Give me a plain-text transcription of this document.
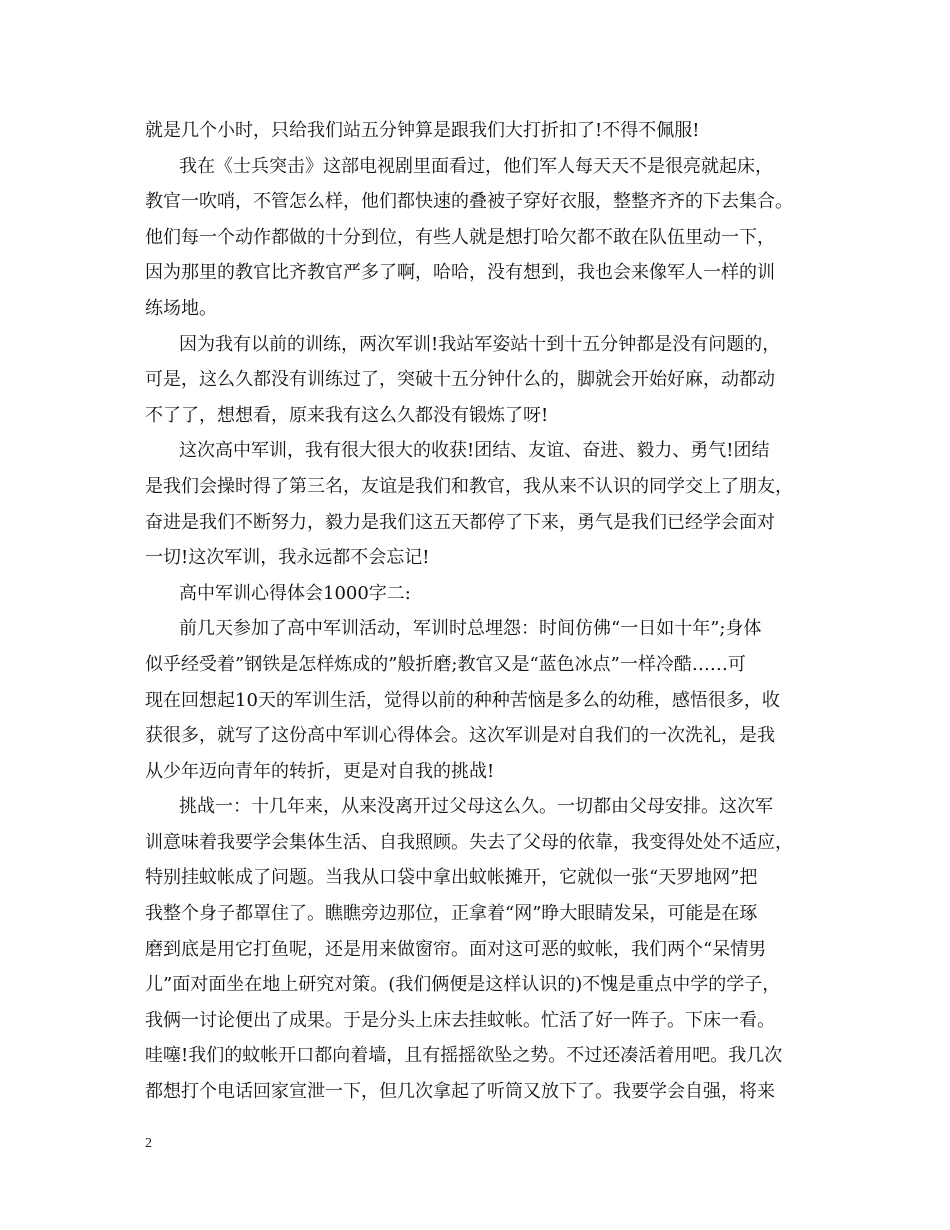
就是几个小时，只给我们站五分钟算是跟我们大打折扣了!不得不佩服!
我在《士兵突击》这部电视剧里面看过，他们军人每天天不是很亮就起床，
教官一吹哨，不管怎么样，他们都快速的叠被子穿好衣服，整整齐齐的下去集合。
他们每一个动作都做的十分到位，有些人就是想打哈欠都不敢在队伍里动一下，
因为那里的教官比齐教官严多了啊，哈哈，没有想到，我也会来像军人一样的训
练场地。
因为我有以前的训练，两次军训!我站军姿站十到十五分钟都是没有问题的，
可是，这么久都没有训练过了，突破十五分钟什么的，脚就会开始好麻，动都动
不了了，想想看，原来我有这么久都没有锻炼了呀!
这次高中军训，我有很大很大的收获!团结、友谊、奋进、毅力、勇气!团结
是我们会操时得了第三名，友谊是我们和教官，我从来不认识的同学交上了朋友，
奋进是我们不断努力，毅力是我们这五天都停了下来，勇气是我们已经学会面对
一切!这次军训，我永远都不会忘记!
高中军训心得体会1000字二:
前几天参加了高中军训活动，军训时总埋怨：时间仿佛“一日如十年”;身体
似乎经受着”钢铁是怎样炼成的”般折磨;教官又是“蓝色冰点”一样冷酷……可
现在回想起10天的军训生活，觉得以前的种种苦恼是多么的幼稚，感悟很多，收
获很多，就写了这份高中军训心得体会。这次军训是对自我们的一次洗礼，是我
从少年迈向青年的转折，更是对自我的挑战!
挑战一：十几年来，从来没离开过父母这么久。一切都由父母安排。这次军
训意味着我要学会集体生活、自我照顾。失去了父母的依靠，我变得处处不适应，
特别挂蚊帐成了问题。当我从口袋中拿出蚊帐摊开，它就似一张“天罗地网”把
我整个身子都罩住了。瞧瞧旁边那位，正拿着“网”睁大眼睛发呆，可能是在琢
磨到底是用它打鱼呢，还是用来做窗帘。面对这可恶的蚊帐，我们两个“呆情男
儿”面对面坐在地上研究对策。(我们俩便是这样认识的)不愧是重点中学的学子，
我俩一讨论便出了成果。于是分头上床去挂蚊帐。忙活了好一阵子。下床一看。
哇噻!我们的蚊帐开口都向着墙，且有摇摇欲坠之势。不过还凑活着用吧。我几次
都想打个电话回家宣泄一下，但几次拿起了听筒又放下了。我要学会自强，将来
2
